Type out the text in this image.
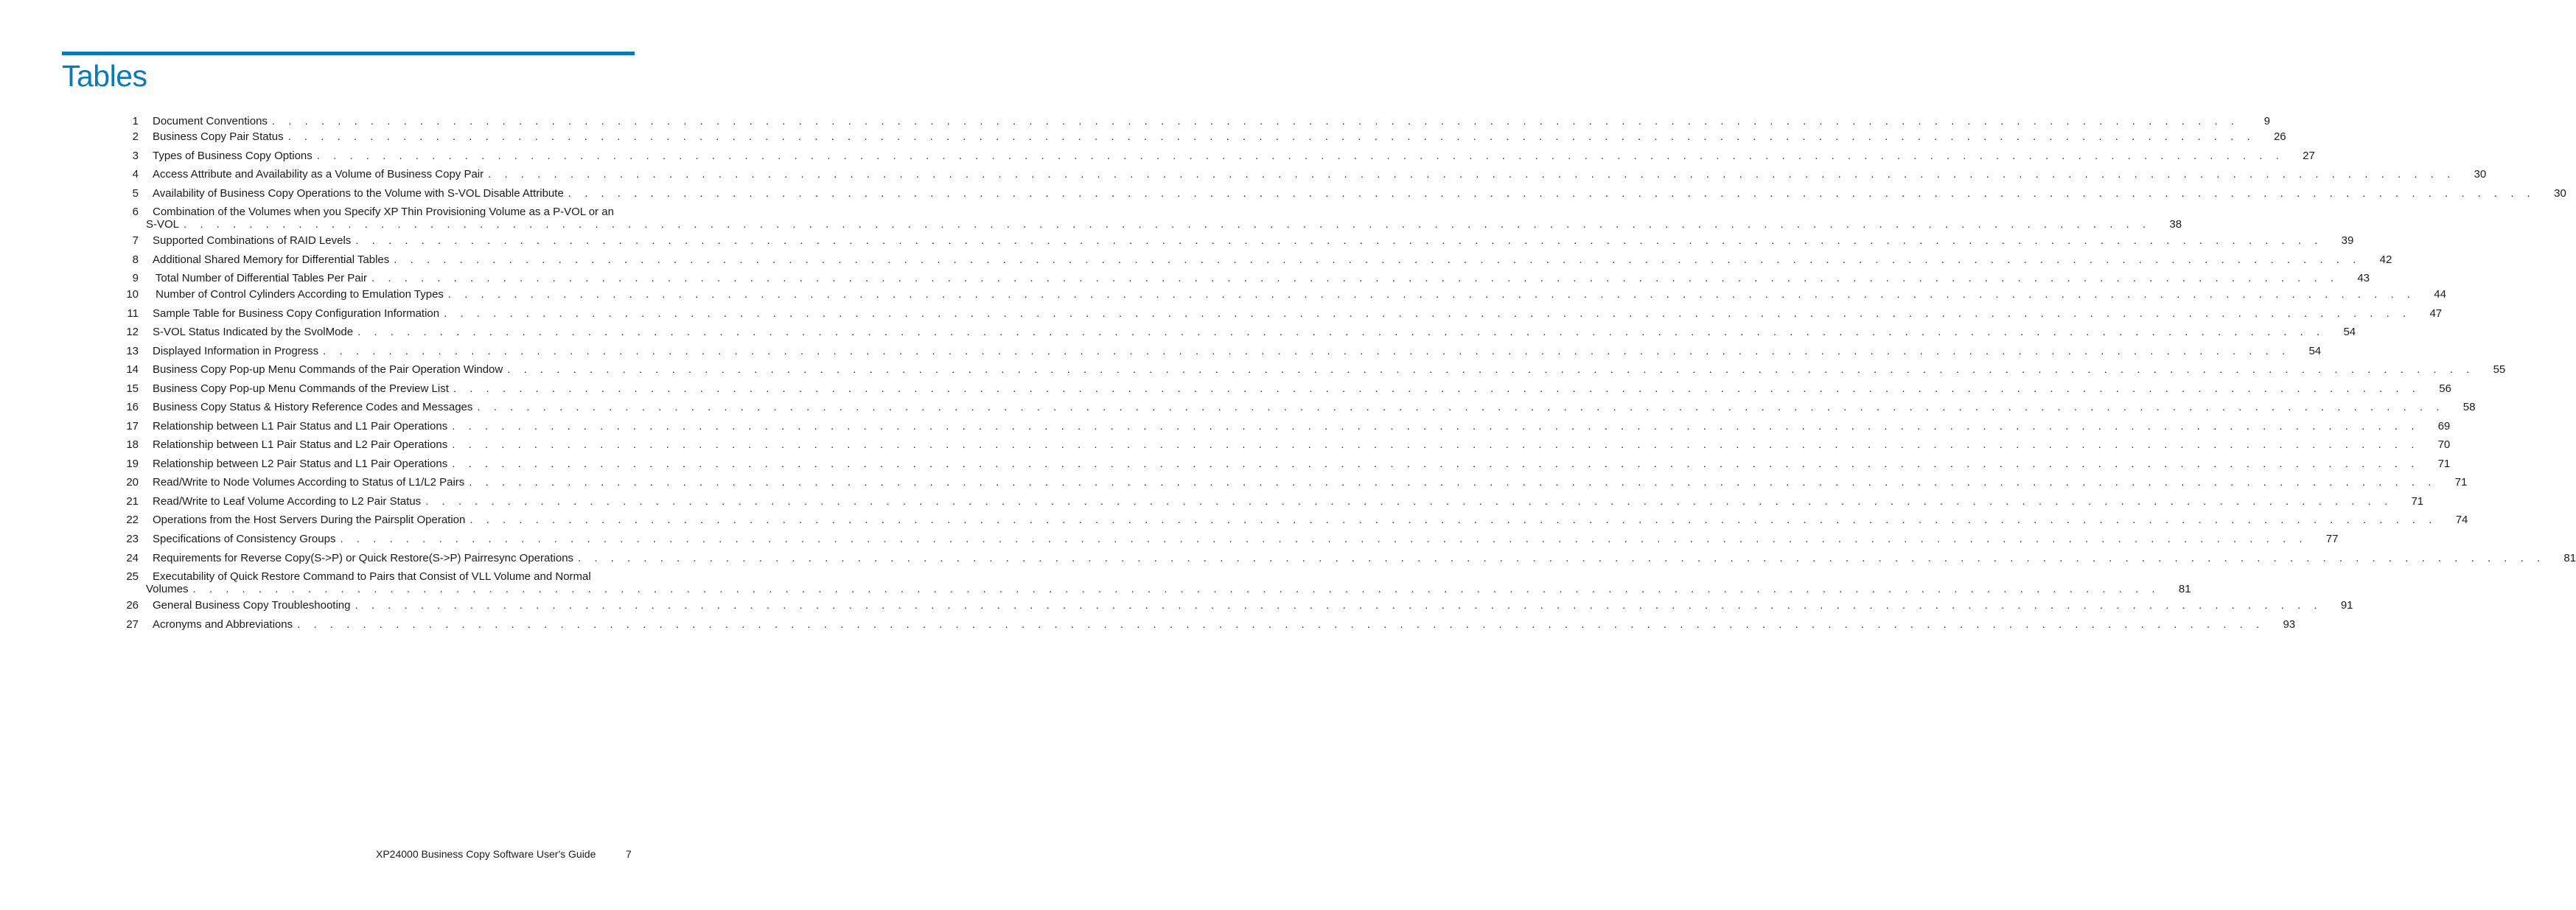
Tables
1 Document Conventions . . . . . . . . . . . . . . . . . . . . . . . . . . . . . . . . . . . . . . . . . . . . . . . . . . . . . . . . . . . . . . . . . . . . . . . . . . . . . . . . . . . . . . . . . . . . . . . . . . . . . . . . . . . . . . . . . . . . . . . .	9
2 Business Copy Pair Status . . . . . . . . . . . . . . . . . . . . . . . . . . . . . . . . . . . . . . . . . . . . . . . . . . . . . . . . . . . . . . . . . . . . . . . . . . . . . . . . . . . . . . . . . . . . . . . . . . . . . . . . . . . . . . . . . . . . . . . .	26
3 Types of Business Copy Options . . . . . . . . . . . . . . . . . . . . . . . . . . . . . . . . . . . . . . . . . . . . . . . . . . . . . . . . . . . . . . . . . . . . . . . . . . . . . . . . . . . . . . . . . . . . . . . . . . . . . . . . . . . . . . . . . . . . . . . .	27
4 Access Attribute and Availability as a Volume of Business Copy Pair . . . . . . . . . . . . . . . . . . . . . . . . . . . . . . . . . . . . . . . . . . . . . . . . . . . . . . . . . . . . . . . . . . . . . . . . . . . . . . . . . . . . . . . . . . . . . . . . . . . . . . . . . . . . . . . . . . . . . . . .	30
5 Availability of Business Copy Operations to the Volume with S-VOL Disable Attribute . . . . . . . . . . . . . . . . . . . . . . . . . . . . . . . . . . . . . . . . . . . . . . . . . . . . . . . . . . . . . . . . . . . . . . . . . . . . . . . . . . . . . . . . . . . . . . . . . . . . . . . . . . . . . . . . . . . . . . . .	30
6	Combination of the Volumes when you Specify XP Thin Provisioning Volume as a P-VOL or an
S-VOL . . . . . . . . . . . . . . . . . . . . . . . . . . . . . . . . . . . . . . . . . . . . . . . . . . . . . . . . . . . . . . . . . . . . . . . . . . . . . . . . . . . . . . . . . . . . . . . . . . . . . . . . . . . . . . . . . . . . . . . .	38
7 Supported Combinations of RAID Levels . . . . . . . . . . . . . . . . . . . . . . . . . . . . . . . . . . . . . . . . . . . . . . . . . . . . . . . . . . . . . . . . . . . . . . . . . . . . . . . . . . . . . . . . . . . . . . . . . . . . . . . . . . . . . . . . . . . . . . . .	39
8 Additional Shared Memory for Differential Tables . . . . . . . . . . . . . . . . . . . . . . . . . . . . . . . . . . . . . . . . . . . . . . . . . . . . . . . . . . . . . . . . . . . . . . . . . . . . . . . . . . . . . . . . . . . . . . . . . . . . . . . . . . . . . . . . . . . . . . . .	42
9 Total Number of Differential Tables Per Pair . . . . . . . . . . . . . . . . . . . . . . . . . . . . . . . . . . . . . . . . . . . . . . . . . . . . . . . . . . . . . . . . . . . . . . . . . . . . . . . . . . . . . . . . . . . . . . . . . . . . . . . . . . . . . . . . . . . . . . . .	43
10 Number of Control Cylinders According to Emulation Types . . . . . . . . . . . . . . . . . . . . . . . . . . . . . . . . . . . . . . . . . . . . . . . . . . . . . . . . . . . . . . . . . . . . . . . . . . . . . . . . . . . . . . . . . . . . . . . . . . . . . . . . . . . . . . . . . . . . . . . .	44
11 Sample Table for Business Copy Configuration Information . . . . . . . . . . . . . . . . . . . . . . . . . . . . . . . . . . . . . . . . . . . . . . . . . . . . . . . . . . . . . . . . . . . . . . . . . . . . . . . . . . . . . . . . . . . . . . . . . . . . . . . . . . . . . . . . . . . . . . . .	47
12 S-VOL Status Indicated by the SvolMode . . . . . . . . . . . . . . . . . . . . . . . . . . . . . . . . . . . . . . . . . . . . . . . . . . . . . . . . . . . . . . . . . . . . . . . . . . . . . . . . . . . . . . . . . . . . . . . . . . . . . . . . . . . . . . . . . . . . . . . .	54
13 Displayed Information in Progress . . . . . . . . . . . . . . . . . . . . . . . . . . . . . . . . . . . . . . . . . . . . . . . . . . . . . . . . . . . . . . . . . . . . . . . . . . . . . . . . . . . . . . . . . . . . . . . . . . . . . . . . . . . . . . . . . . . . . . . .	54
14 Business Copy Pop-up Menu Commands of the Pair Operation Window . . . . . . . . . . . . . . . . . . . . . . . . . . . . . . . . . . . . . . . . . . . . . . . . . . . . . . . . . . . . . . . . . . . . . . . . . . . . . . . . . . . . . . . . . . . . . . . . . . . . . . . . . . . . . . . . . . . . . . . .	55
15 Business Copy Pop-up Menu Commands of the Preview List . . . . . . . . . . . . . . . . . . . . . . . . . . . . . . . . . . . . . . . . . . . . . . . . . . . . . . . . . . . . . . . . . . . . . . . . . . . . . . . . . . . . . . . . . . . . . . . . . . . . . . . . . . . . . . . . . . . . . . . .	56
16 Business Copy Status & History Reference Codes and Messages . . . . . . . . . . . . . . . . . . . . . . . . . . . . . . . . . . . . . . . . . . . . . . . . . . . . . . . . . . . . . . . . . . . . . . . . . . . . . . . . . . . . . . . . . . . . . . . . . . . . . . . . . . . . . . . . . . . . . . . .	58
17 Relationship between L1 Pair Status and L1 Pair Operations . . . . . . . . . . . . . . . . . . . . . . . . . . . . . . . . . . . . . . . . . . . . . . . . . . . . . . . . . . . . . . . . . . . . . . . . . . . . . . . . . . . . . . . . . . . . . . . . . . . . . . . . . . . . . . . . . . . . . . . .	69
18 Relationship between L1 Pair Status and L2 Pair Operations . . . . . . . . . . . . . . . . . . . . . . . . . . . . . . . . . . . . . . . . . . . . . . . . . . . . . . . . . . . . . . . . . . . . . . . . . . . . . . . . . . . . . . . . . . . . . . . . . . . . . . . . . . . . . . . . . . . . . . . .	70
19 Relationship between L2 Pair Status and L1 Pair Operations . . . . . . . . . . . . . . . . . . . . . . . . . . . . . . . . . . . . . . . . . . . . . . . . . . . . . . . . . . . . . . . . . . . . . . . . . . . . . . . . . . . . . . . . . . . . . . . . . . . . . . . . . . . . . . . . . . . . . . . .	71
20 Read/Write to Node Volumes According to Status of L1/L2 Pairs . . . . . . . . . . . . . . . . . . . . . . . . . . . . . . . . . . . . . . . . . . . . . . . . . . . . . . . . . . . . . . . . . . . . . . . . . . . . . . . . . . . . . . . . . . . . . . . . . . . . . . . . . . . . . . . . . . . . . . . .	71
21 Read/Write to Leaf Volume According to L2 Pair Status . . . . . . . . . . . . . . . . . . . . . . . . . . . . . . . . . . . . . . . . . . . . . . . . . . . . . . . . . . . . . . . . . . . . . . . . . . . . . . . . . . . . . . . . . . . . . . . . . . . . . . . . . . . . . . . . . . . . . . . .	71
22 Operations from the Host Servers During the Pairsplit Operation . . . . . . . . . . . . . . . . . . . . . . . . . . . . . . . . . . . . . . . . . . . . . . . . . . . . . . . . . . . . . . . . . . . . . . . . . . . . . . . . . . . . . . . . . . . . . . . . . . . . . . . . . . . . . . . . . . . . . . . .	74
23 Specifications of Consistency Groups . . . . . . . . . . . . . . . . . . . . . . . . . . . . . . . . . . . . . . . . . . . . . . . . . . . . . . . . . . . . . . . . . . . . . . . . . . . . . . . . . . . . . . . . . . . . . . . . . . . . . . . . . . . . . . . . . . . . . . . .	77
24 Requirements for Reverse Copy(S->P) or Quick Restore(S->P) Pairresync Operations . . . . . . . . . . . . . . . . . . . . . . . . . . . . . . . . . . . . . . . . . . . . . . . . . . . . . . . . . . . . . . . . . . . . . . . . . . . . . . . . . . . . . . . . . . . . . . . . . . . . . . . . . . . . . . . . . . . . . . . .	81
25	Executability of Quick Restore Command to Pairs that Consist of VLL Volume and Normal
Volumes . . . . . . . . . . . . . . . . . . . . . . . . . . . . . . . . . . . . . . . . . . . . . . . . . . . . . . . . . . . . . . . . . . . . . . . . . . . . . . . . . . . . . . . . . . . . . . . . . . . . . . . . . . . . . . . . . . . . . . . .	81
26 General Business Copy Troubleshooting . . . . . . . . . . . . . . . . . . . . . . . . . . . . . . . . . . . . . . . . . . . . . . . . . . . . . . . . . . . . . . . . . . . . . . . . . . . . . . . . . . . . . . . . . . . . . . . . . . . . . . . . . . . . . . . . . . . . . . . .	91
27 Acronyms and Abbreviations . . . . . . . . . . . . . . . . . . . . . . . . . . . . . . . . . . . . . . . . . . . . . . . . . . . . . . . . . . . . . . . . . . . . . . . . . . . . . . . . . . . . . . . . . . . . . . . . . . . . . . . . . . . . . . . . . . . . . . . .	93
XP24000 Business Copy Software User's Guide	7
